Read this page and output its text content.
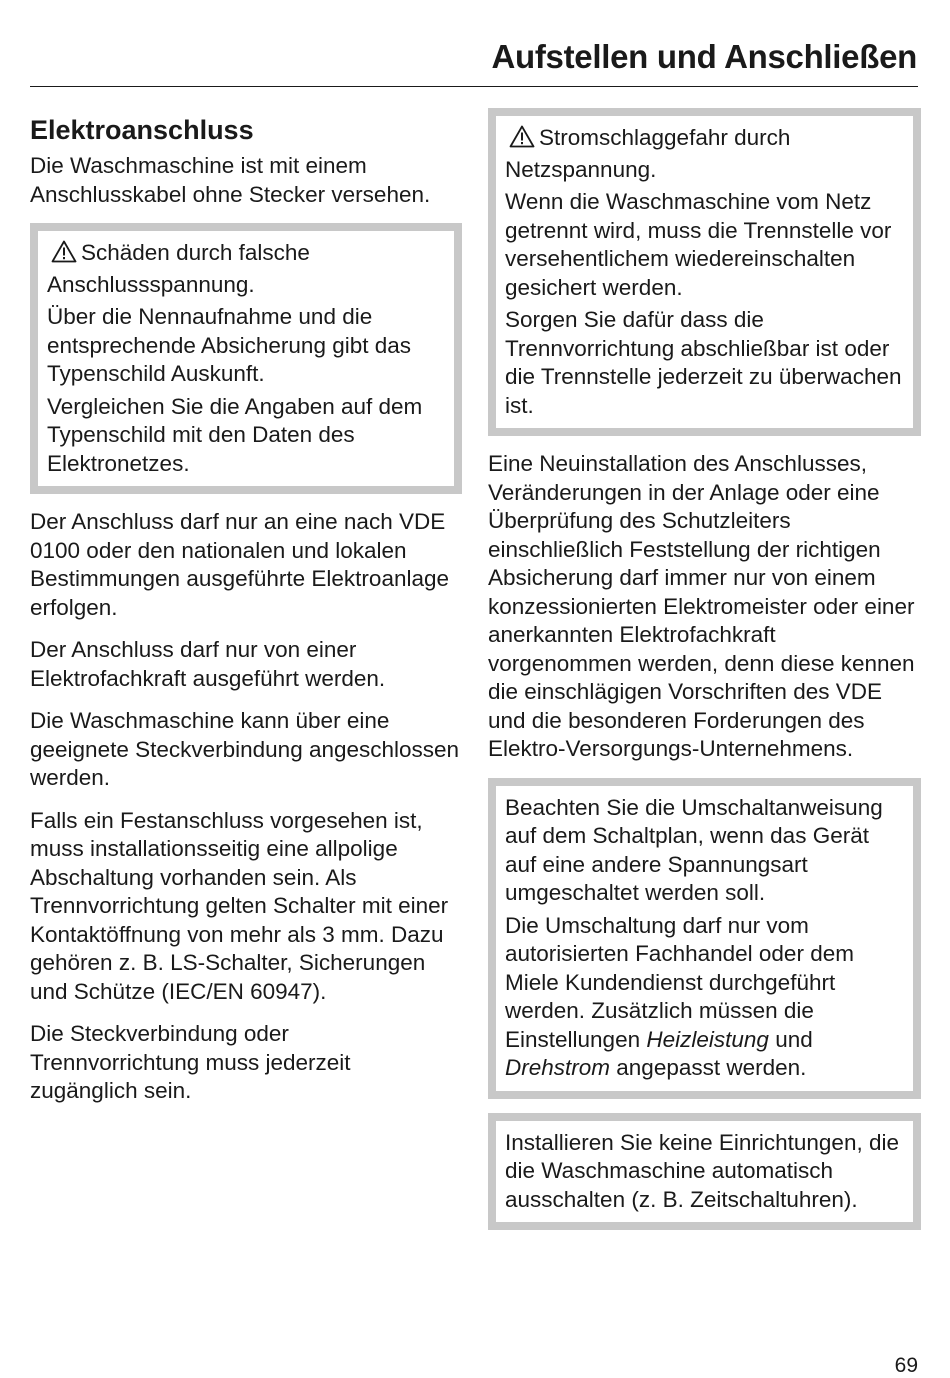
Aufstellen und Anschließen
Elektroanschluss

Die Waschmaschine ist mit einem Anschlusskabel ohne Stecker versehen.

Schäden durch falsche Anschlussspannung.

Über die Nennaufnahme und die entsprechende Absicherung gibt das Typenschild Auskunft.

Vergleichen Sie die Angaben auf dem Typenschild mit den Daten des Elektronetzes.

Der Anschluss darf nur an eine nach VDE 0100 oder den nationalen und lokalen Bestimmungen ausgeführte Elektroanlage erfolgen.

Der Anschluss darf nur von einer Elektrofachkraft ausgeführt werden.

Die Waschmaschine kann über eine geeignete Steckverbindung angeschlossen werden.

Falls ein Festanschluss vorgesehen ist, muss installationsseitig eine allpolige Abschaltung vorhanden sein. Als Trennvorrichtung gelten Schalter mit einer Kontaktöffnung von mehr als 3 mm. Dazu gehören z. B. LS-Schalter, Sicherungen und Schütze (IEC/EN 60947).

Die Steckverbindung oder Trennvorrichtung muss jederzeit zugänglich sein.

Stromschlaggefahr durch Netzspannung.

Wenn die Waschmaschine vom Netz getrennt wird, muss die Trennstelle vor versehentlichem wiedereinschalten gesichert werden.

Sorgen Sie dafür dass die Trennvorrichtung abschließbar ist oder die Trennstelle jederzeit zu überwachen ist.

Eine Neuinstallation des Anschlusses, Veränderungen in der Anlage oder eine Überprüfung des Schutzleiters einschließlich Feststellung der richtigen Absicherung darf immer nur von einem konzessionierten Elektromeister oder einer anerkannten Elektrofachkraft vorgenommen werden, denn diese kennen die einschlägigen Vorschriften des VDE und die besonderen Forderungen des Elektro-Versorgungs-Unternehmens.

Beachten Sie die Umschaltanweisung auf dem Schaltplan, wenn das Gerät auf eine andere Spannungsart umgeschaltet werden soll.

Die Umschaltung darf nur vom autorisierten Fachhandel oder dem Miele Kundendienst durchgeführt werden. Zusätzlich müssen die Einstellungen Heizleistung und Drehstrom angepasst werden.

Installieren Sie keine Einrichtungen, die die Waschmaschine automatisch ausschalten (z. B. Zeitschaltuhren).

69
